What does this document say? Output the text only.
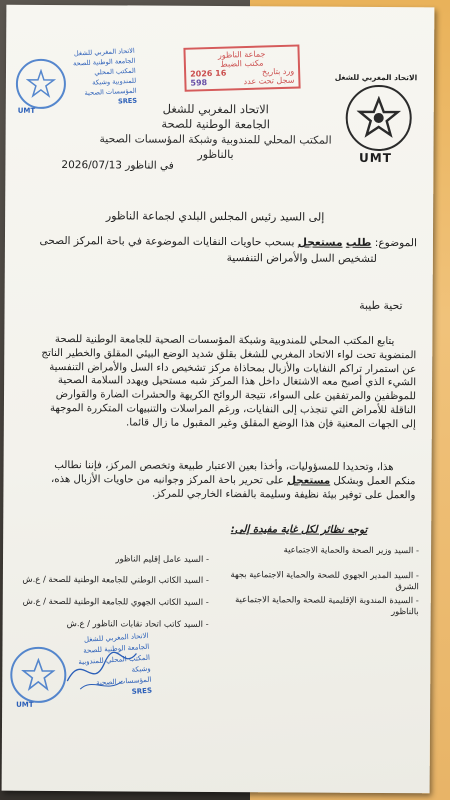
UMT
الاتحاد المغربي للشغل
الجامعة الوطنية للصحة
المكتب المحلي
للمندوبية وشبكة المؤسسات الصحية
SRES
جماعة الناظور
مكتب الضبط
ورد بتاريخ
2026 16
سجل تحت عدد
598
الاتحاد المغربي للشغل
UMT
الاتحاد المغربي للشغل
الجامعة الوطنية للصحة
المكتب المحلي للمندوبية وشبكة المؤسسات الصحية
بالناظور
في الناظور 2026/07/13
إلى السيد رئيس المجلس البلدي لجماعة الناظور
الموضوع: طلب مستعجل بسحب حاويات النفايات الموضوعة في باحة المركز الصحى
لتشخيص السل والأمراض التنفسية
تحية طيبة
يتابع المكتب المحلي للمندوبية وشبكة المؤسسات الصحية للجامعة الوطنية للصحة
المنضوية تحت لواء الاتحاد المغربي للشغل بقلق شديد الوضع البيئي المقلق والخطير الناتج
عن استمرار تراكم النفايات والأزبال بمحاذاة مركز تشخيص داء السل والأمراض التنفسية
الشيء الذي أصبح معه الاشتغال داخل هذا المركز شبه مستحيل ويهدد السلامة الصحية
للموظفين والمرتفقين على السواء، نتيجة الروائح الكريهة والحشرات الضارة والقوارض
الناقلة للأمراض التي تنجذب إلى النفايات، ورغم المراسلات والتنبيهات المتكررة الموجهة
إلى الجهات المعنية فإن هذا الوضع المقلق وغير المقبول ما زال قائما.
هذا، وتحديدا للمسؤوليات، وأخذا بعين الاعتبار طبيعة وتخصص المركز، فإننا نطالب
منكم العمل وبشكل مستعجل على تحرير باحة المركز وجوانبه من حاويات الأزبال هذه،
والعمل على توفير بيئة نظيفة وسليمة بالفضاء الخارجي للمركز.
توجه نظائر لكل غاية مفيدة إلى:
- السيد وزير الصحة والحماية الاجتماعية
- السيد المدير الجهوي للصحة والحماية الاجتماعية بجهة الشرق
- السيدة المندوبة الإقليمية للصحة والحماية الاجتماعية بالناظور
- السيد عامل إقليم الناظور
- السيد الكاتب الوطني للجامعة الوطنية للصحة / ع.ش
- السيد الكاتب الجهوي للجامعة الوطنية للصحة / ع.ش
- السيد كاتب اتحاد نقابات الناظور / ع.ش
UMT
الاتحاد المغربي للشغل
الجامعة الوطنية للصحة
المكتب المحلي للمندوبية وشبكة
المؤسسات الصحية
SRES
